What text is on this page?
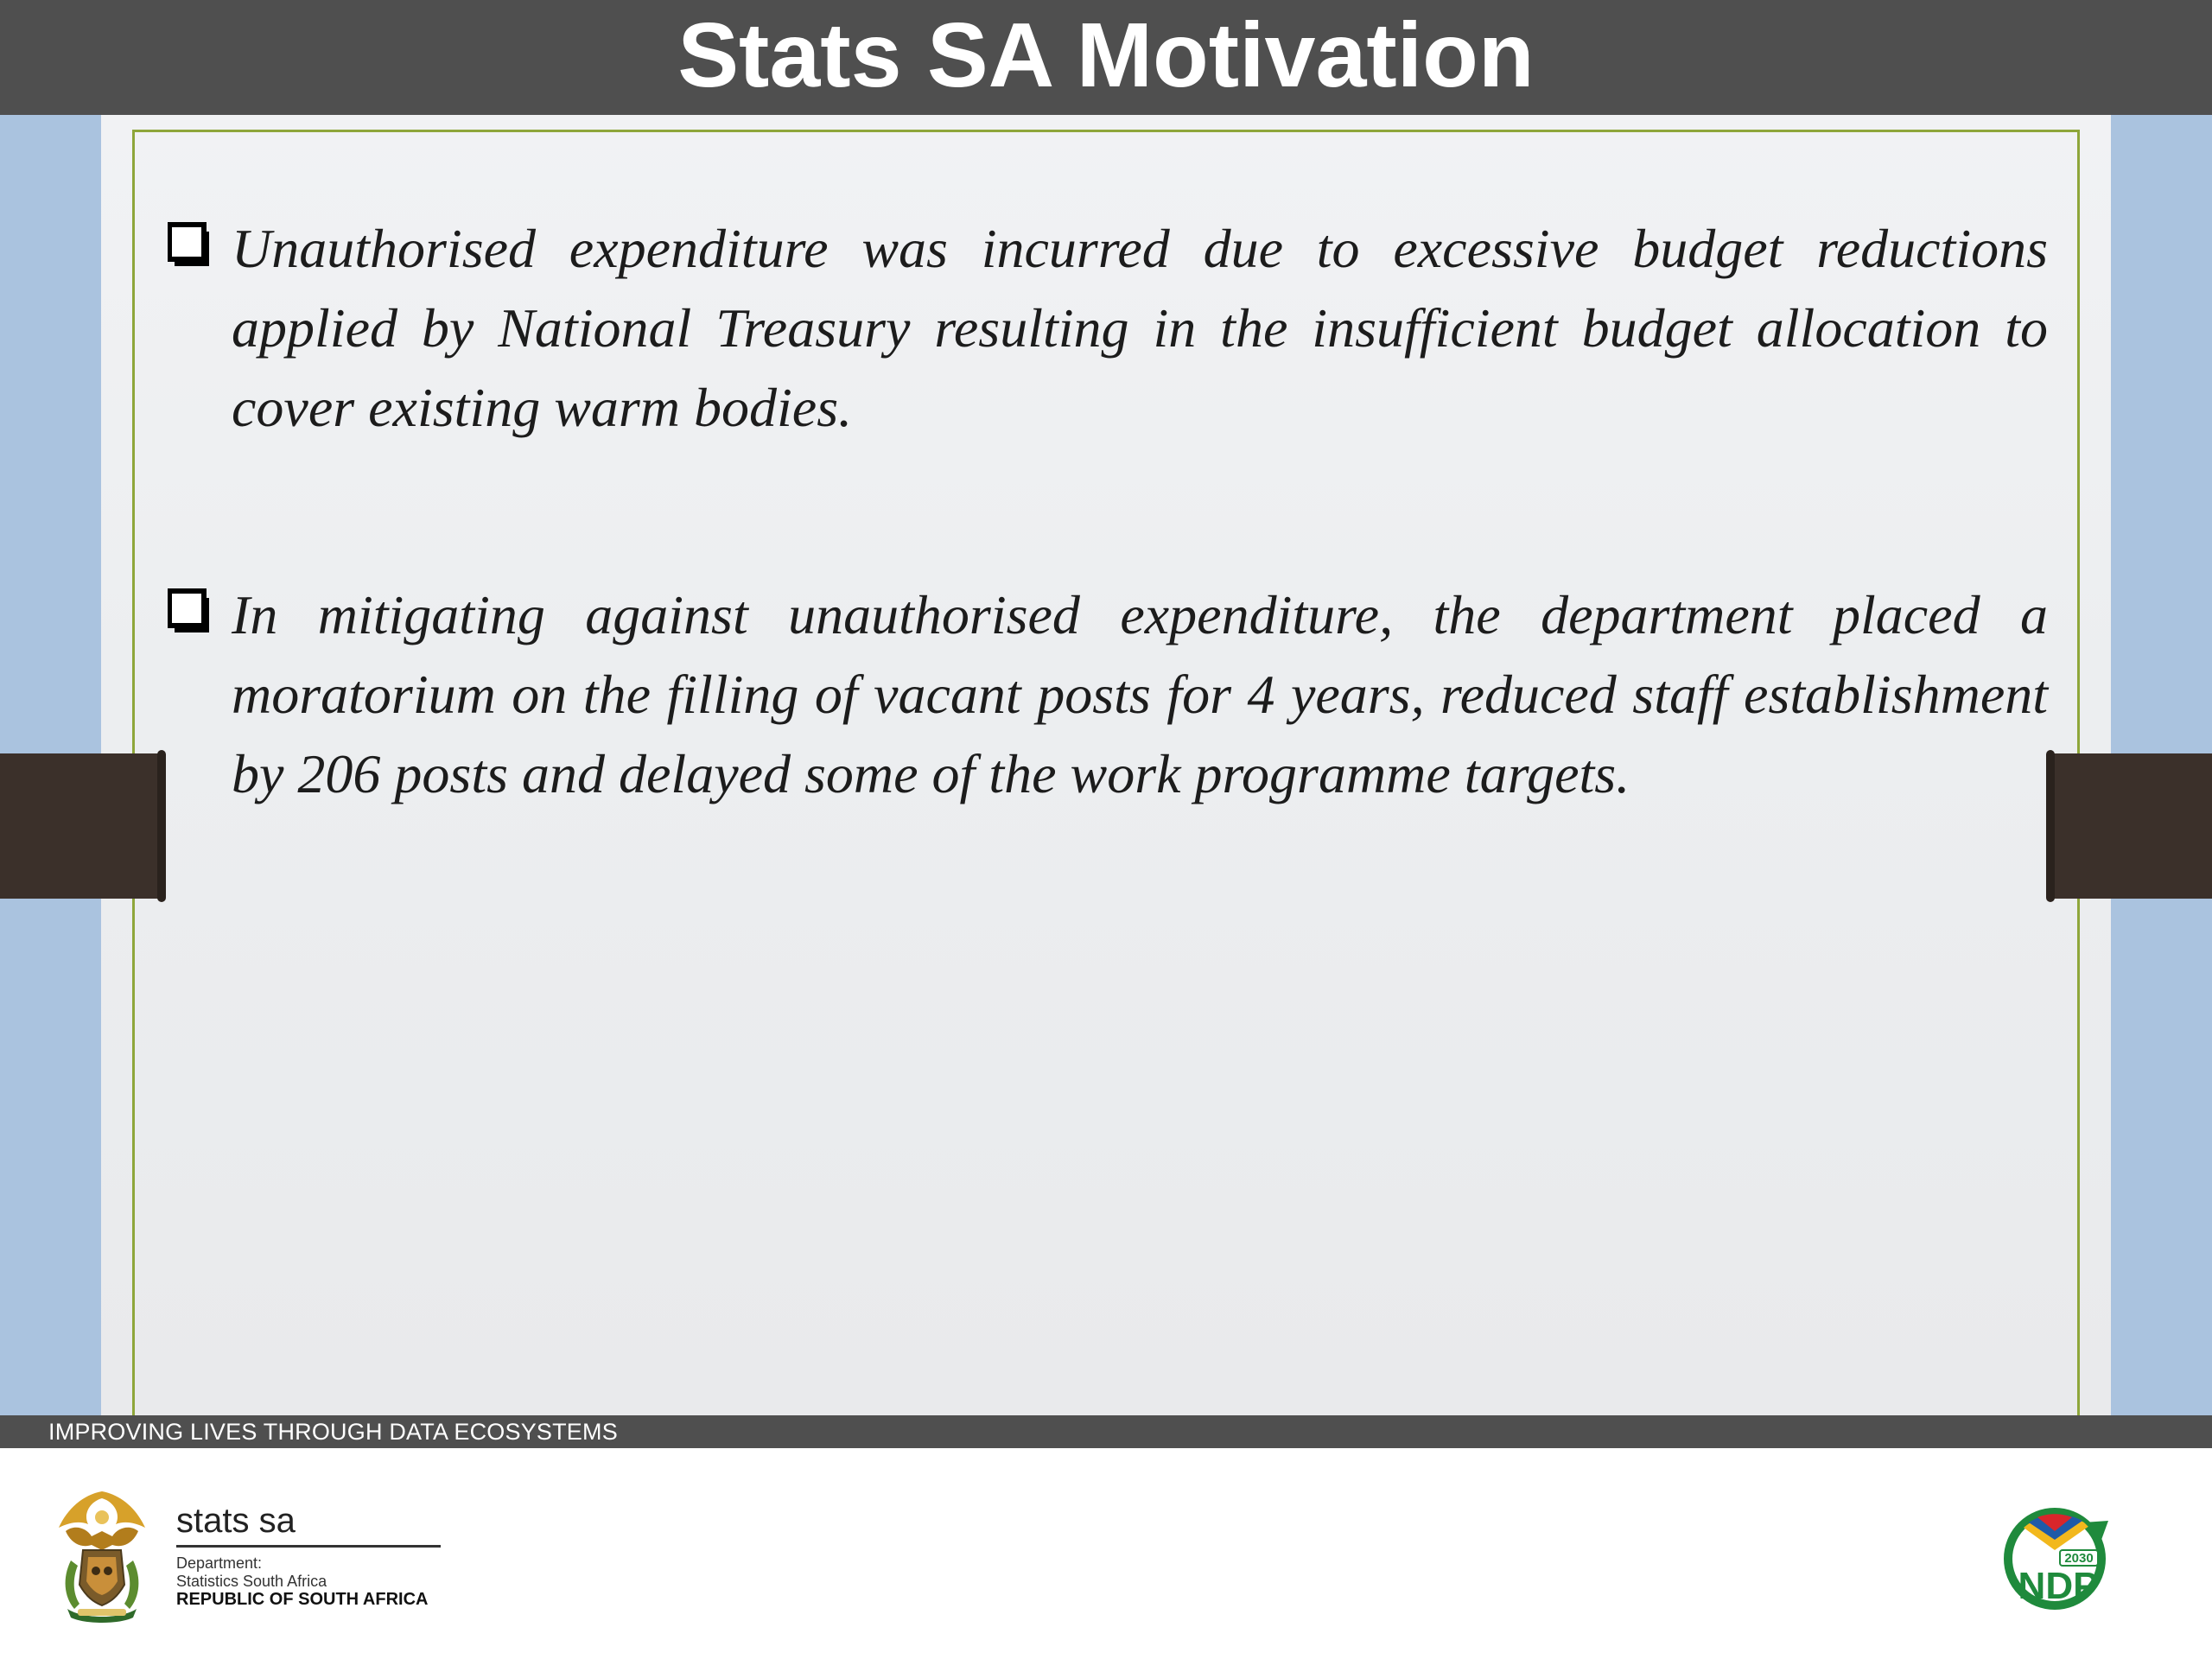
Stats SA Motivation
Unauthorised expenditure was incurred due to excessive budget reductions applied by National Treasury resulting in the insufficient budget allocation to cover existing warm bodies.
In mitigating against unauthorised expenditure, the department placed a moratorium on the filling of vacant posts for 4 years, reduced staff establishment by 206 posts and delayed some of the work programme targets.
IMPROVING LIVES THROUGH DATA ECOSYSTEMS
stats sa
Department:
Statistics South Africa
REPUBLIC OF SOUTH AFRICA
2030
NDP
